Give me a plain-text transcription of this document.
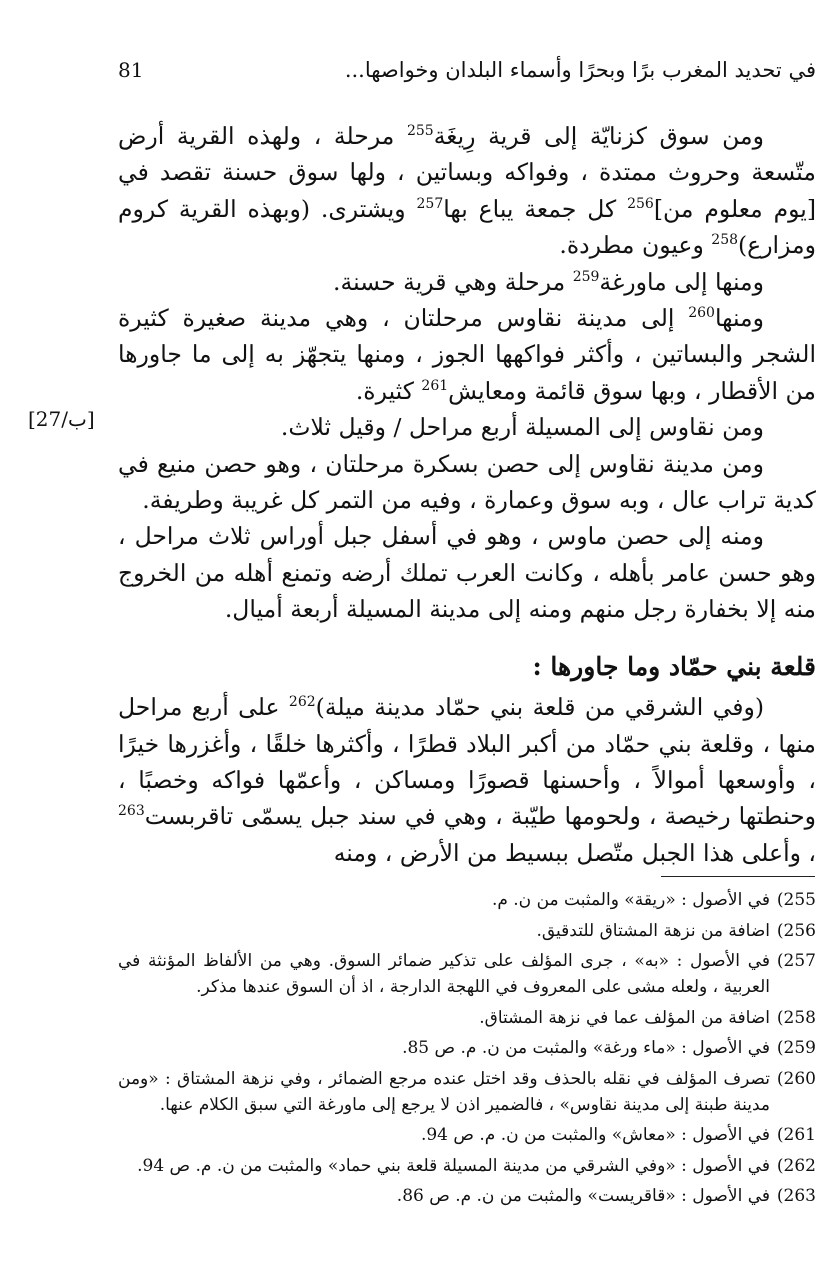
في تحديد المغرب برًا وبحرًا وأسماء البلدان وخواصها...
81
[27/ب]

ومن سوق كزنايّة إلى قرية رِيغَة$^{255}$ مرحلة ، ولهذه القرية أرض متّسعة وحروث ممتدة ، وفواكه وبساتين ، ولها سوق حسنة تقصد في [يوم معلوم من]$^{256}$ كل جمعة يباع بها$^{257}$ ويشترى. (وبهذه القرية كروم ومزارع)$^{258}$ وعيون مطردة.

ومنها إلى ماورغة$^{259}$ مرحلة وهي قرية حسنة.

ومنها$^{260}$ إلى مدينة نقاوس مرحلتان ، وهي مدينة صغيرة كثيرة الشجر والبساتين ، وأكثر فواكهها الجوز ، ومنها يتجهّز به إلى ما جاورها من الأقطار ، وبها سوق قائمة ومعايش$^{261}$ كثيرة.

ومن نقاوس إلى المسيلة أربع مراحل / وقيل ثلاث.

ومن مدينة نقاوس إلى حصن بسكرة مرحلتان ، وهو حصن منيع في كدية تراب عال ، وبه سوق وعمارة ، وفيه من التمر كل غريبة وطريفة.

ومنه إلى حصن ماوس ، وهو في أسفل جبل أوراس ثلاث مراحل ، وهو حسن عامر بأهله ، وكانت العرب تملك أرضه وتمنع أهله من الخروج منه إلا بخفارة رجل منهم ومنه إلى مدينة المسيلة أربعة أميال.

قلعة بني حمّاد وما جاورها :

(وفي الشرقي من قلعة بني حمّاد مدينة ميلة)$^{262}$ على أربع مراحل منها ، وقلعة بني حمّاد من أكبر البلاد قطرًا ، وأكثرها خلقًا ، وأغزرها خيرًا ، وأوسعها أموالاً ، وأحسنها قصورًا ومساكن ، وأعمّها فواكه وخصبًا ، وحنطتها رخيصة ، ولحومها طيّبة ، وهي في سند جبل يسمّى تاقربست$^{263}$ ، وأعلى هذا الجبل متّصل ببسيط من الأرض ، ومنه

255)
في الأصول : «ريقة» والمثبت من ن. م.
256)
اضافة من نزهة المشتاق للتدقيق.
257)
في الأصول : «به» ، جرى المؤلف على تذكير ضمائر السوق. وهي من الألفاظ المؤنثة في العربية ، ولعله مشى على المعروف في اللهجة الدارجة ، اذ أن السوق عندها مذكر.
258)
اضافة من المؤلف عما في نزهة المشتاق.
259)
في الأصول : «ماء ورغة» والمثبت من ن. م. ص 85.
260)
تصرف المؤلف في نقله بالحذف وقد اختل عنده مرجع الضمائر ، وفي نزهة المشتاق : «ومن مدينة طبنة إلى مدينة نقاوس» ، فالضمير اذن لا يرجع إلى ماورغة التي سبق الكلام عنها.
261)
في الأصول : «معاش» والمثبت من ن. م. ص 94.
262)
في الأصول : «وفي الشرقي من مدينة المسيلة قلعة بني حماد» والمثبت من ن. م. ص 94.
263)
في الأصول : «قاقريست» والمثبت من ن. م. ص 86.
